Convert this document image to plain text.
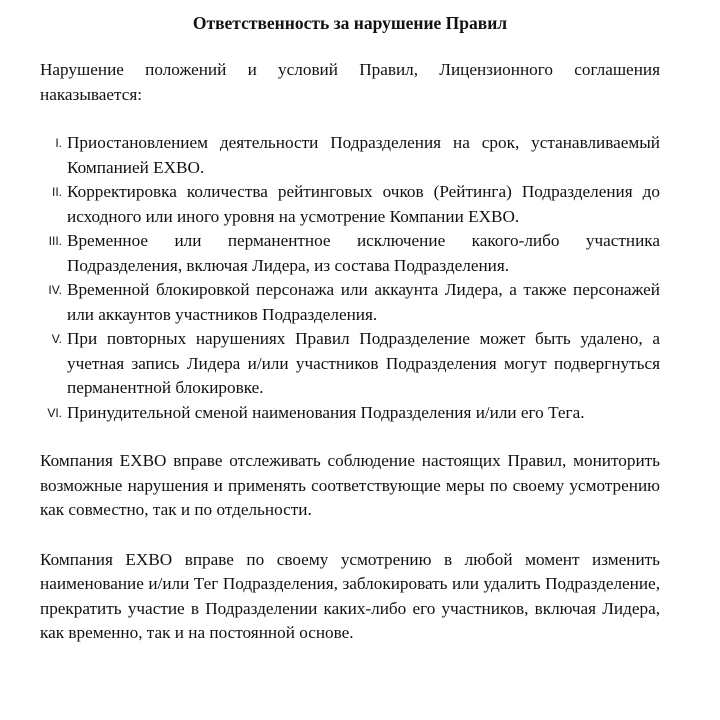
Ответственность за нарушение Правил

Нарушение положений и условий Правил, Лицензионного соглашения наказывается:

I. Приостановлением деятельности Подразделения на срок, устанавливаемый Компанией EXBO.
II. Корректировка количества рейтинговых очков (Рейтинга) Подразделения до исходного или иного уровня на усмотрение Компании EXBO.
III. Временное или перманентное исключение какого-либо участника Подразделения, включая Лидера, из состава Подразделения.
IV. Временной блокировкой персонажа или аккаунта Лидера, а также персонажей или аккаунтов участников Подразделения.
V. При повторных нарушениях Правил Подразделение может быть удалено, а учетная запись Лидера и/или участников Подразделения могут подвергнуться перманентной блокировке.
VI. Принудительной сменой наименования Подразделения и/или его Тега.

Компания EXBO вправе отслеживать соблюдение настоящих Правил, мониторить возможные нарушения и применять соответствующие меры по своему усмотрению как совместно, так и по отдельности.

Компания EXBO вправе по своему усмотрению в любой момент изменить наименование и/или Тег Подразделения, заблокировать или удалить Подразделение, прекратить участие в Подразделении каких-либо его участников, включая Лидера, как временно, так и на постоянной основе.
